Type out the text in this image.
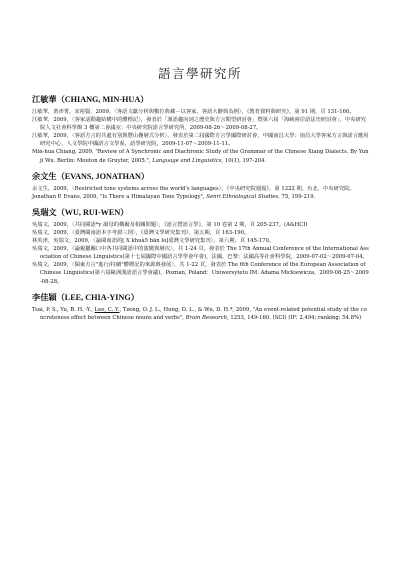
語言學研究所
江敏華（CHIANG, MIN-HUA）

江敏華，黃彥菁，宋裕賢，2009，〈客語文獻分析與數位典藏－以客家、客語大辭典為例〉，《教育資料與研究》，第 91 期，頁 131-160。

江敏華，2009，〈客家話動趨結構中的體標記〉，發表於「漢語趨向詞之歷史與方言類型研討會」暨第六屆「海峽兩岸語法史研討會」，中央研究院人文社會科學館 3 樓第二會議室：中央研究院語言學研究所，2009-08-26～2009-08-27。

江敏華，2009，〈客語方言的共處有別與豐山疊層式分析〉，發表於第二屆國際方言學國際研討會，中國南昌大學：南昌大學客家方言與語言應用研究中心、人文學院中國語言文學系，語學研究院，2009-11-07～2009-11-11。

Min-hua Chiang, 2009, "Review of A Synchronic and Diachronic Study of the Grammar of the Chinese Xiang Dialects. By Yunji Wu. Berlin: Mouton de Gruyter, 2005.", Language and Linguistics, 10(1), 197-204.

余文生（EVANS, JONATHAN）

余文生，2009，〈Restricted tone systems across the world's languages〉，《中央研究院週報》，第 1222 期，台北，中央研究院。

Jonathan P. Evans, 2009, "Is There a Himalayan Tone Typology", Senri Ethnological Studies, 75, 199-219.

吳瑞文（WU, RUI-WEN）

吳瑞文，2009，〈共同閩語*y 韻母的構擬及相關問題〉，《語言暨語言學》，第 10 卷第 2 期，頁 205-237。(A&HCI)

吳瑞文，2009，〈臺灣閩南語本字考證三則〉，《臺灣文學研究集刊》，第五期，頁 163-190。

林英津，吳瑞文，2009，〈論閩南語的[ X khuà5 bān lo]臺灣文學研究集刊〉，第六期，頁 145-170。

吳瑞文，2009，〈論親屬關口中各共同閩語中的演變與層次〉，共 1-24 頁，發表於 The 17th Annual Conference of the International Association of Chinese Linguistics(第十七屆國際中國語言學學會年會)，法國，巴黎：法國高等社會科學院，2009-07-02～2009-07-04。

吳瑞文，2009，〈閩東方言"進行/持續"體標記的來源與發展〉，共 1-22 頁，發表於 The 6th Conference of the European Association of Chinese Linguistics(第六屆歐洲漢語語言學會議)，Poznan, Poland：Uniwersytetu IM. Adama Mickiewicza，2009-08-25～2009-08-28。

李佳穎（LEE, CHIA-YING）

Tsai, P. S., Yu, B. H. -Y., Lee, C. Y., Tzeng, O. J. L., Hung, D. L., & Wu, D. H.*, 2009, "An event-related potential study of the concreteness effect between Chinese nouns and verbs", Brain Research, 1253, 149-160. (SCI) (IF: 2.494; ranking: 54.8%)
